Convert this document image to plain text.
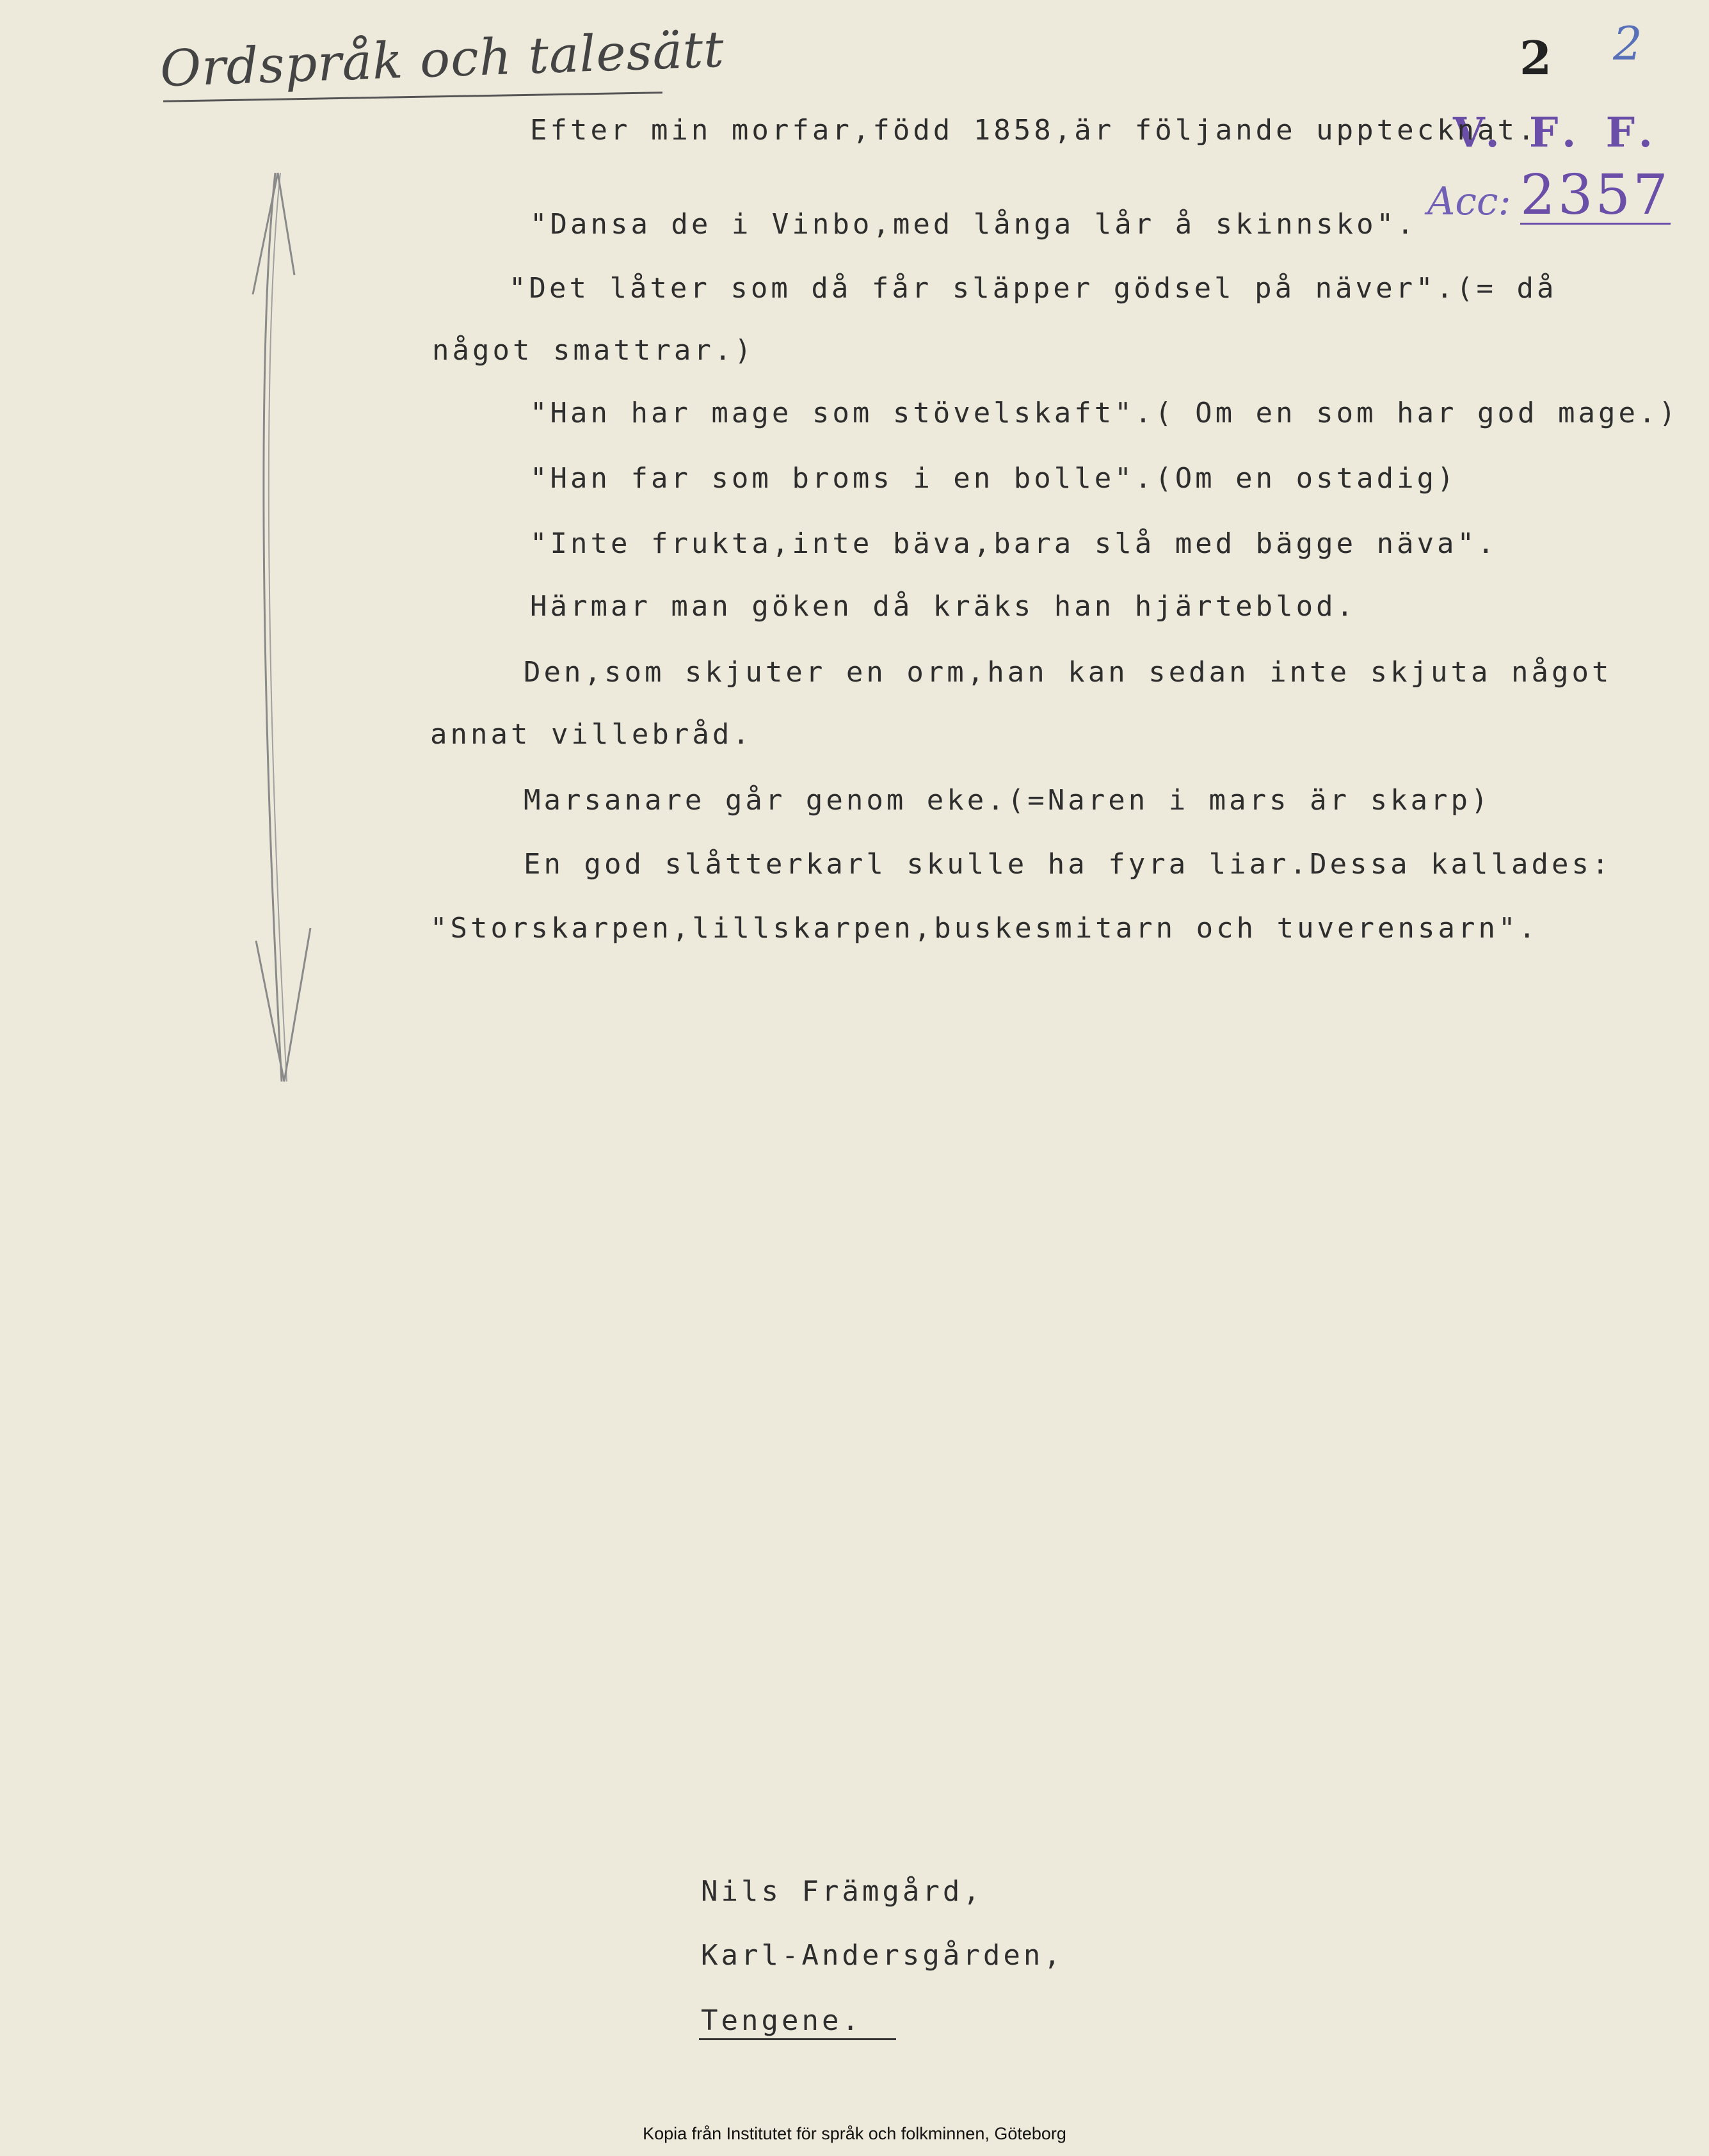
Ordspråk och talesätt	2 2
V. F. F.
Acc: 2357
Efter min morfar,född 1858,är följande upptecknat.
"Dansa de i Vinbo,med långa lår å skinnsko".
"Det låter som då får släpper gödsel på näver".(= då
något smattrar.)
"Han har mage som stövelskaft".( Om en som har god mage.)
"Han far som broms i en bolle".(Om en ostadig)
"Inte frukta,inte bäva,bara slå med bägge näva".
Härmar man göken då kräks han hjärteblod.
Den,som skjuter en orm,han kan sedan inte skjuta något
annat villebråd.
Marsanare går genom eke.(=Naren i mars är skarp)
En god slåtterkarl skulle ha fyra liar.Dessa kallades:
"Storskarpen,lillskarpen,buskesmitarn och tuverensarn".
Nils Främgård,
Karl-Andersgården,
Tengene.
Kopia från Institutet för språk och folkminnen, Göteborg
